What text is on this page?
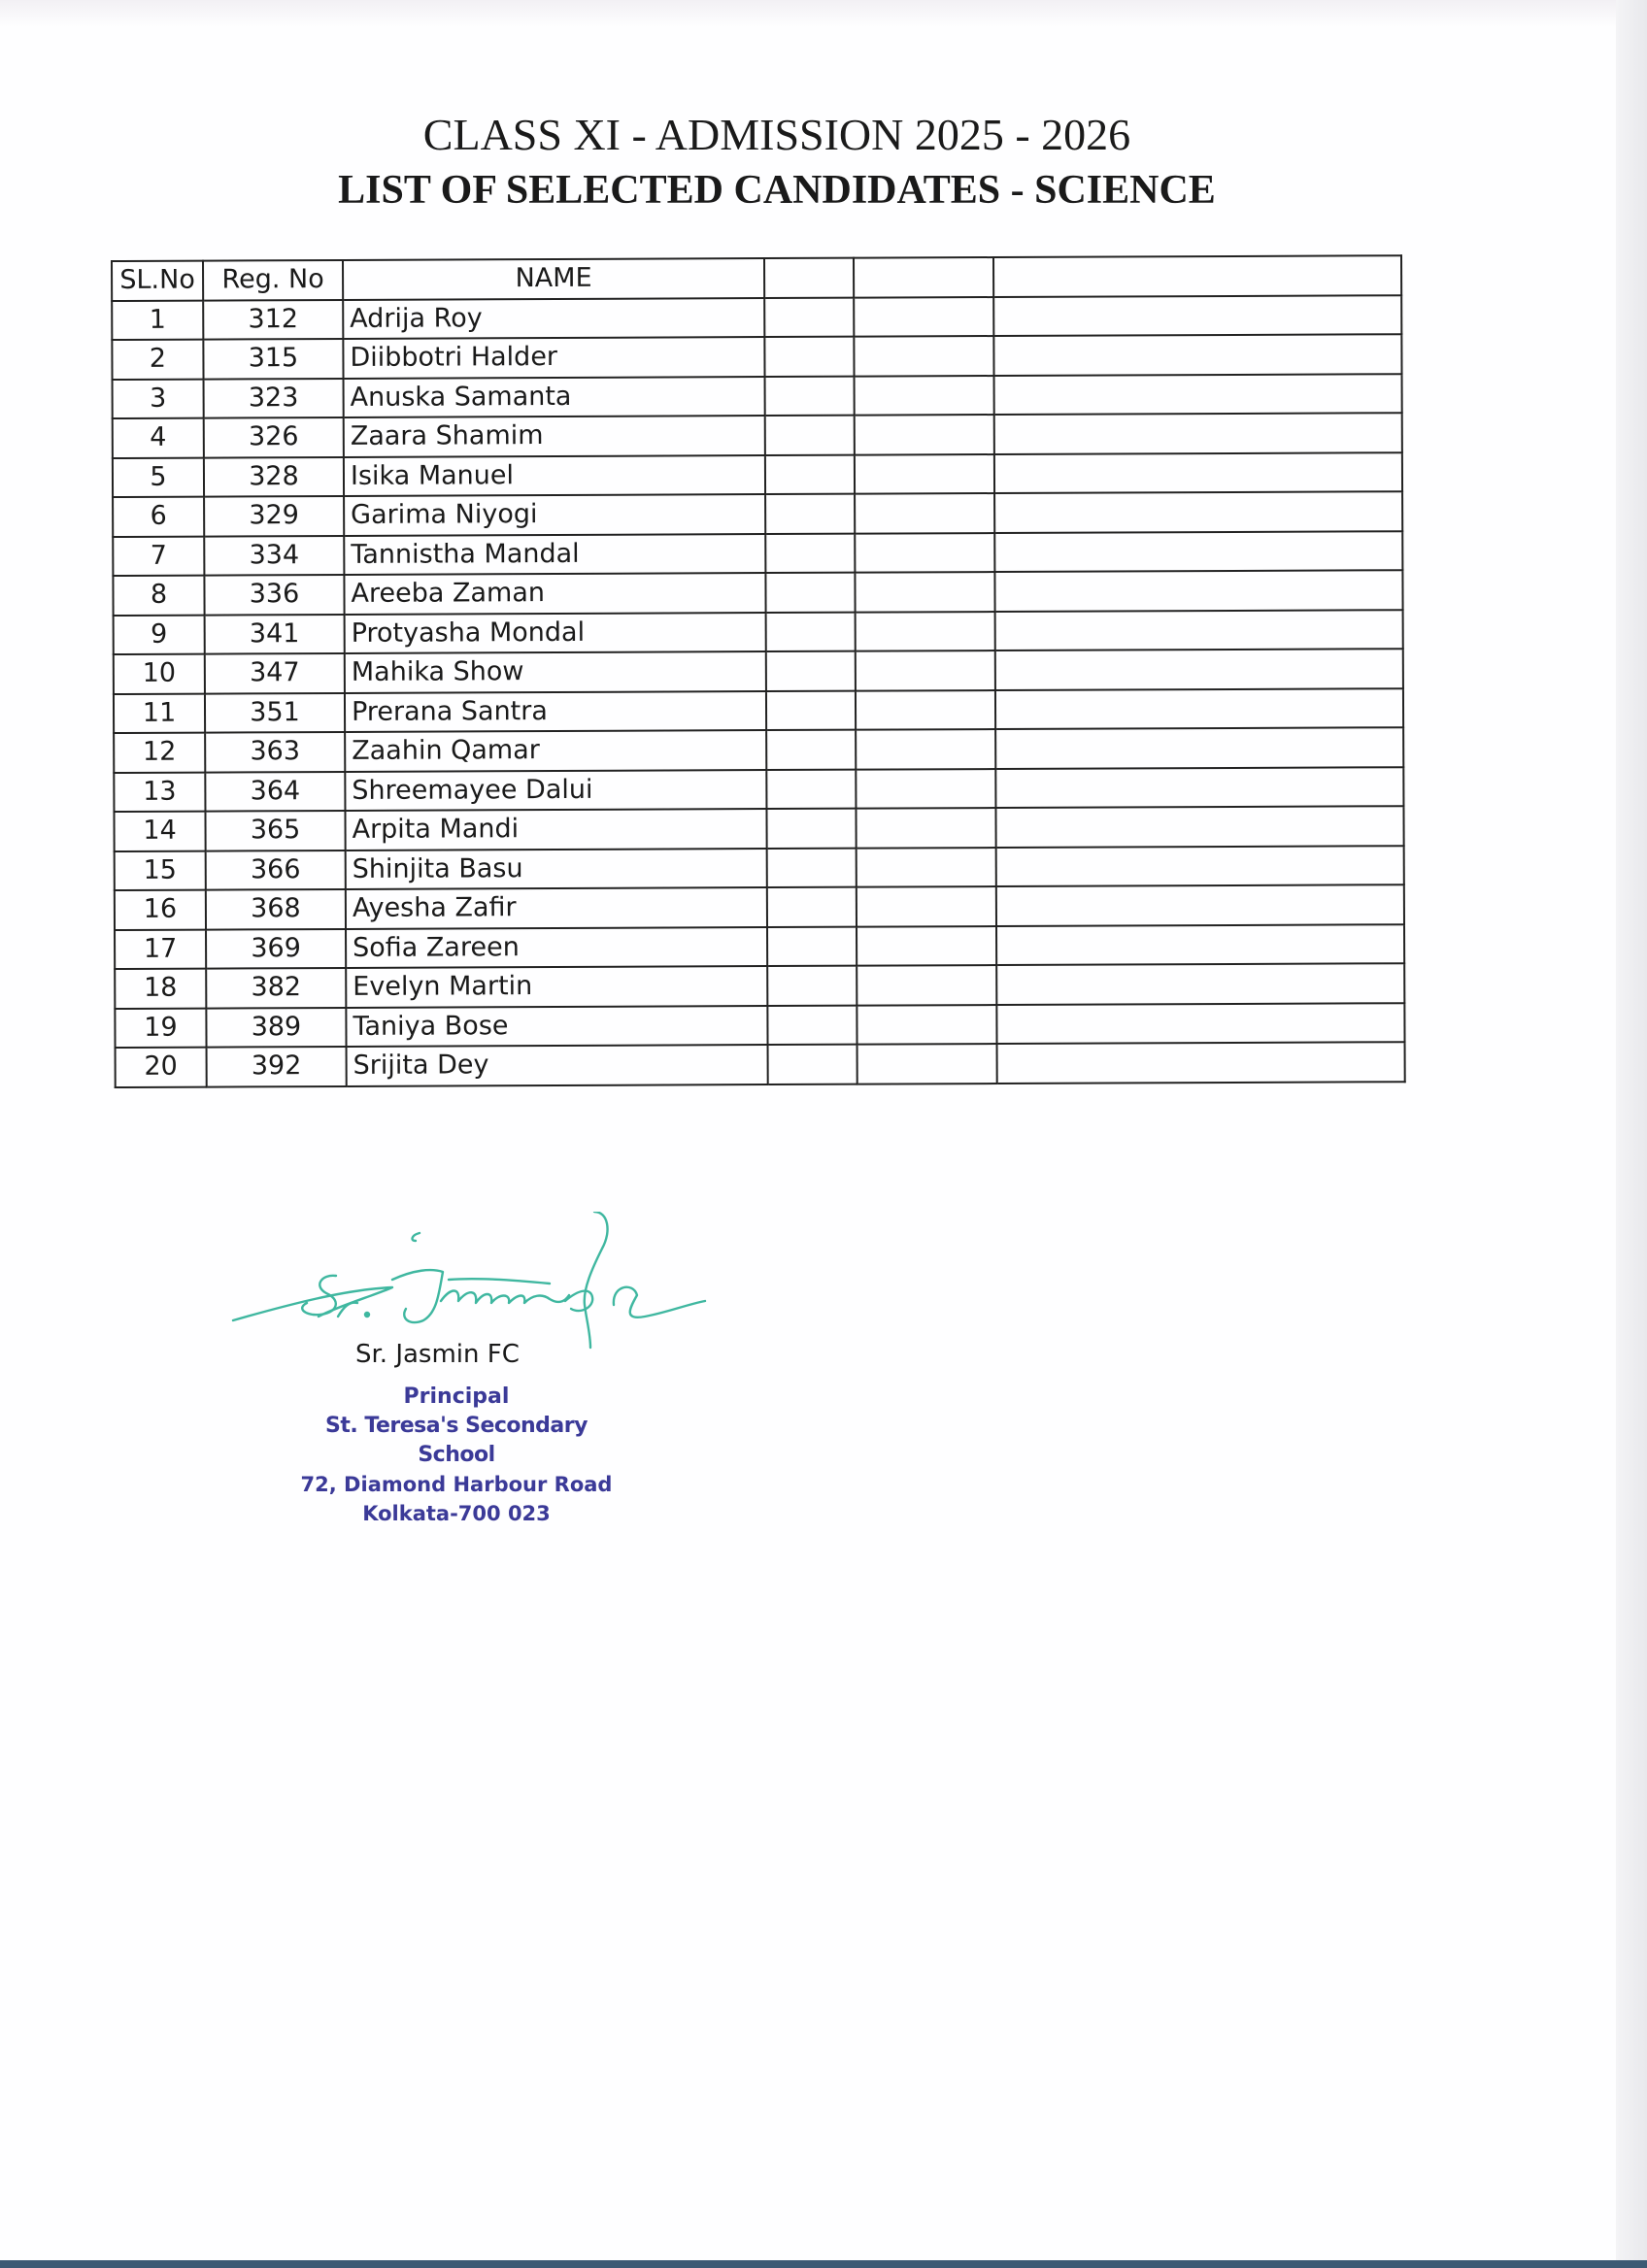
CLASS XI - ADMISSION 2025 - 2026
LIST OF SELECTED CANDIDATES - SCIENCE
SL.No	Reg. No	NAME			
1	312	Adrija Roy			
2	315	Diibbotri Halder			
3	323	Anuska Samanta			
4	326	Zaara Shamim			
5	328	Isika Manuel			
6	329	Garima Niyogi			
7	334	Tannistha Mandal			
8	336	Areeba Zaman			
9	341	Protyasha Mondal			
10	347	Mahika Show			
11	351	Prerana Santra			
12	363	Zaahin Qamar			
13	364	Shreemayee Dalui			
14	365	Arpita Mandi			
15	366	Shinjita Basu			
16	368	Ayesha Zafir			
17	369	Sofia Zareen			
18	382	Evelyn Martin			
19	389	Taniya Bose			
20	392	Srijita Dey			
Sr. Jasmin FC
Principal
St. Teresa's Secondary School
72, Diamond Harbour Road
Kolkata-700 023
